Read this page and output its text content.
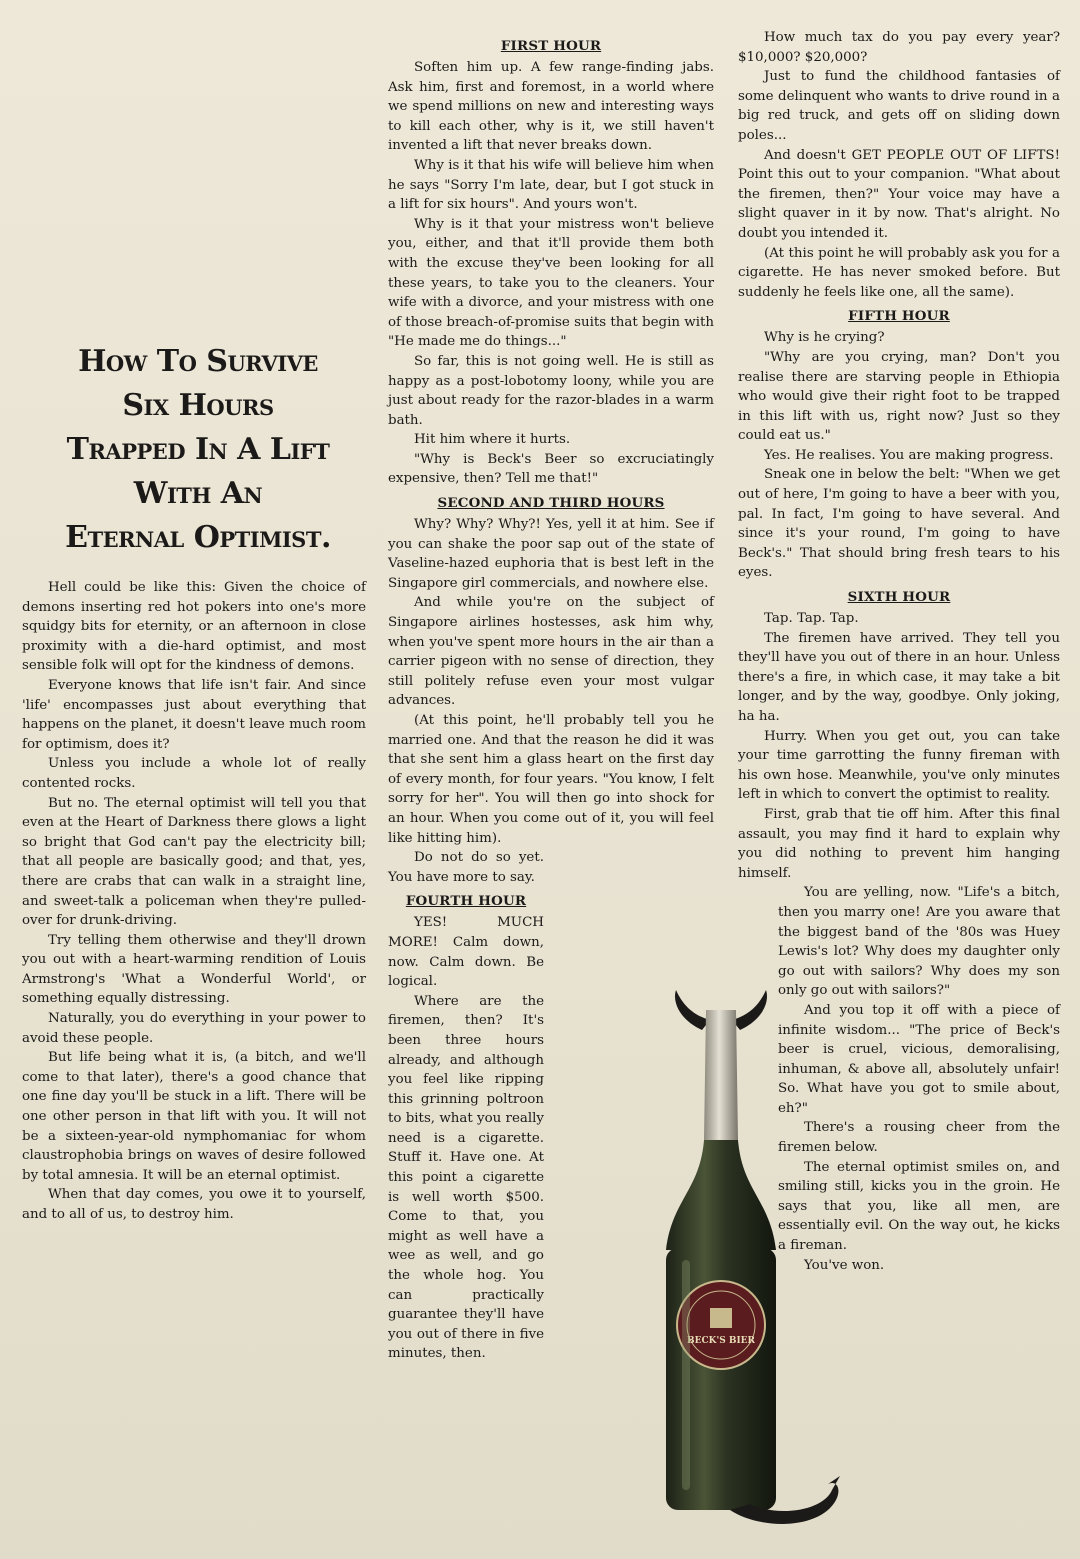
How To Survive
Six Hours
Trapped In A Lift
With An
Eternal Optimist.

Hell could be like this: Given the choice of demons inserting red hot pokers into one's more squidgy bits for eternity, or an afternoon in close proximity with a die-hard optimist, and most sensible folk will opt for the kindness of demons.

Everyone knows that life isn't fair. And since 'life' encompasses just about everything that happens on the planet, it doesn't leave much room for optimism, does it?

Unless you include a whole lot of really contented rocks.

But no. The eternal optimist will tell you that even at the Heart of Darkness there glows a light so bright that God can't pay the electricity bill; that all people are basically good; and that, yes, there are crabs that can walk in a straight line, and sweet-talk a policeman when they're pulled-over for drunk-driving.

Try telling them otherwise and they'll drown you out with a heart-warming rendition of Louis Armstrong's 'What a Wonderful World', or something equally distressing.

Naturally, you do everything in your power to avoid these people.

But life being what it is, (a bitch, and we'll come to that later), there's a good chance that one fine day you'll be stuck in a lift. There will be one other person in that lift with you. It will not be a sixteen-year-old nymphomaniac for whom claustrophobia brings on waves of desire followed by total amnesia. It will be an eternal optimist.

When that day comes, you owe it to yourself, and to all of us, to destroy him.

FIRST HOUR

Soften him up. A few range-finding jabs. Ask him, first and foremost, in a world where we spend millions on new and interesting ways to kill each other, why is it, we still haven't invented a lift that never breaks down.

Why is it that his wife will believe him when he says "Sorry I'm late, dear, but I got stuck in a lift for six hours". And yours won't.

Why is it that your mistress won't believe you, either, and that it'll provide them both with the excuse they've been looking for all these years, to take you to the cleaners. Your wife with a divorce, and your mistress with one of those breach-of-promise suits that begin with "He made me do things..."

So far, this is not going well. He is still as happy as a post-lobotomy loony, while you are just about ready for the razor-blades in a warm bath.

Hit him where it hurts.

"Why is Beck's Beer so excruciatingly expensive, then? Tell me that!"

SECOND AND THIRD HOURS

Why? Why? Why?! Yes, yell it at him. See if you can shake the poor sap out of the state of Vaseline-hazed euphoria that is best left in the Singapore girl commercials, and nowhere else.

And while you're on the subject of Singapore airlines hostesses, ask him why, when you've spent more hours in the air than a carrier pigeon with no sense of direction, they still politely refuse even your most vulgar advances.

(At this point, he'll probably tell you he married one. And that the reason he did it was that she sent him a glass heart on the first day of every month, for four years. "You know, I felt sorry for her". You will then go into shock for an hour. When you come out of it, you will feel like hitting him).

Do not do so yet. You have more to say.

FOURTH HOUR

YES! MUCH MORE! Calm down, now. Calm down. Be logical.

Where are the firemen, then? It's been three hours already, and although you feel like ripping this grinning poltroon to bits, what you really need is a cigarette. Stuff it. Have one. At this point a cigarette is well worth $500. Come to that, you might as well have a wee as well, and go the whole hog. You can practically guarantee they'll have you out of there in five minutes, then.

How much tax do you pay every year? $10,000? $20,000?

Just to fund the childhood fantasies of some delinquent who wants to drive round in a big red truck, and gets off on sliding down poles...

And doesn't GET PEOPLE OUT OF LIFTS! Point this out to your companion. "What about the firemen, then?" Your voice may have a slight quaver in it by now. That's alright. No doubt you intended it.

(At this point he will probably ask you for a cigarette. He has never smoked before. But suddenly he feels like one, all the same).

FIFTH HOUR

Why is he crying?

"Why are you crying, man? Don't you realise there are starving people in Ethiopia who would give their right foot to be trapped in this lift with us, right now? Just so they could eat us."

Yes. He realises. You are making progress.

Sneak one in below the belt: "When we get out of here, I'm going to have a beer with you, pal. In fact, I'm going to have several. And since it's your round, I'm going to have Beck's." That should bring fresh tears to his eyes.

SIXTH HOUR

Tap. Tap. Tap.

The firemen have arrived. They tell you they'll have you out of there in an hour. Unless there's a fire, in which case, it may take a bit longer, and by the way, goodbye. Only joking, ha ha.

Hurry. When you get out, you can take your time garrotting the funny fireman with his own hose. Meanwhile, you've only minutes left in which to convert the optimist to reality.

First, grab that tie off him. After this final assault, you may find it hard to explain why you did nothing to prevent him hanging himself.

You are yelling, now. "Life's a bitch, then you marry one! Are you aware that the biggest band of the '80s was Huey Lewis's lot? Why does my daughter only go out with sailors? Why does my son only go out with sailors?"

And you top it off with a piece of infinite wisdom... "The price of Beck's beer is cruel, vicious, demoralising, inhuman, & above all, absolutely unfair! So. What have you got to smile about, eh?"

There's a rousing cheer from the firemen below.

The eternal optimist smiles on, and smiling still, kicks you in the groin. He says that you, like all men, are essentially evil. On the way out, he kicks a fireman.

You've won.

BECK'S BIER
